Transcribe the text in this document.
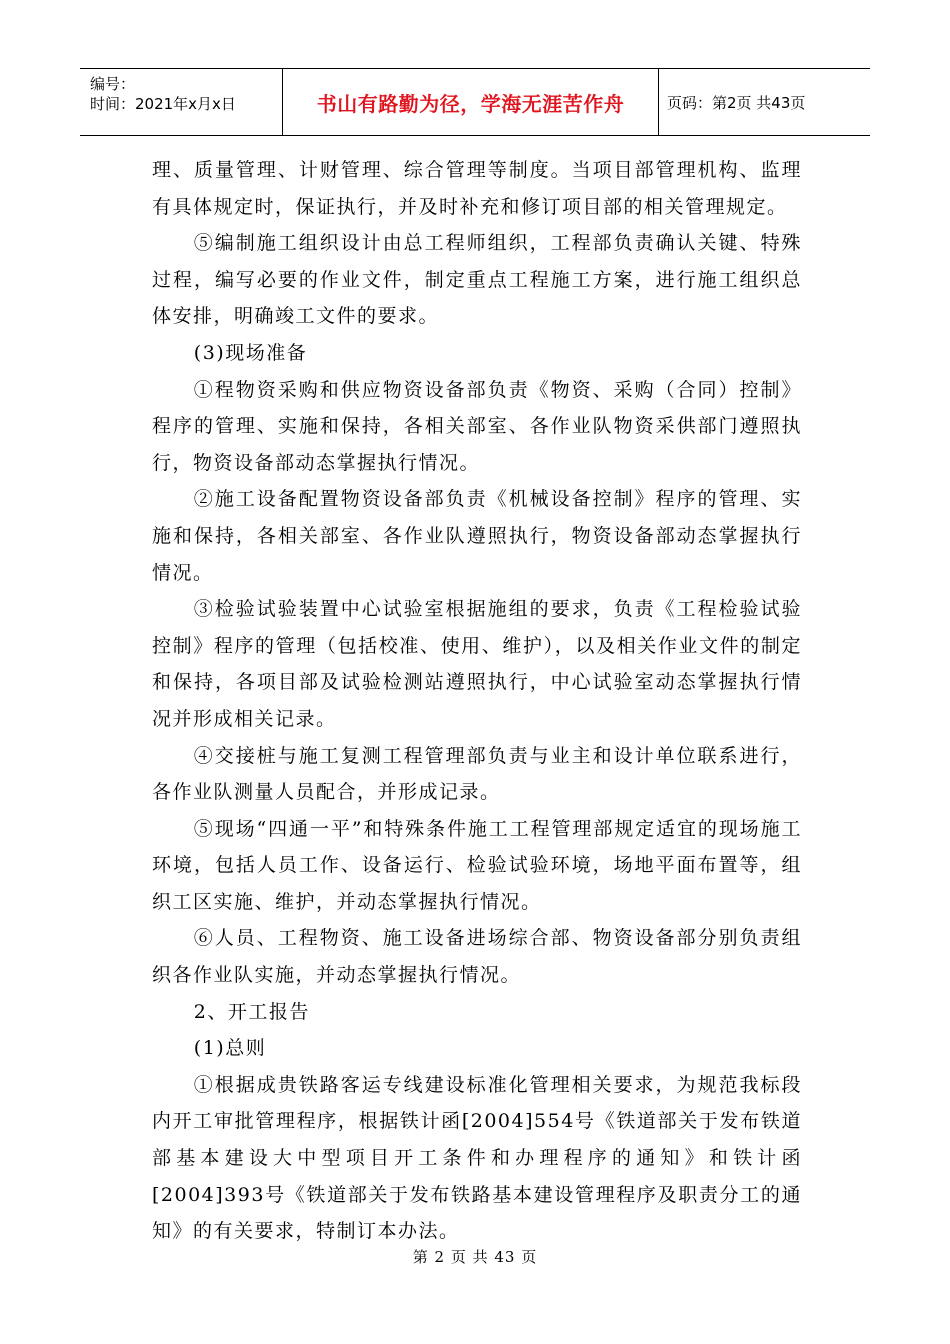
编号：
时间：2021年x月x日	书山有路勤为径，学海无涯苦作舟	页码：第2页 共43页

理、质量管理、计财管理、综合管理等制度。当项目部管理机构、监理有具体规定时，保证执行，并及时补充和修订项目部的相关管理规定。

⑤编制施工组织设计由总工程师组织，工程部负责确认关键、特殊过程，编写必要的作业文件，制定重点工程施工方案，进行施工组织总体安排，明确竣工文件的要求。

(3)现场准备

①程物资采购和供应物资设备部负责《物资、采购（合同）控制》程序的管理、实施和保持，各相关部室、各作业队物资采供部门遵照执行，物资设备部动态掌握执行情况。

②施工设备配置物资设备部负责《机械设备控制》程序的管理、实施和保持，各相关部室、各作业队遵照执行，物资设备部动态掌握执行情况。

③检验试验装置中心试验室根据施组的要求，负责《工程检验试验控制》程序的管理（包括校准、使用、维护），以及相关作业文件的制定和保持，各项目部及试验检测站遵照执行，中心试验室动态掌握执行情况并形成相关记录。

④交接桩与施工复测工程管理部负责与业主和设计单位联系进行，各作业队测量人员配合，并形成记录。

⑤现场“四通一平”和特殊条件施工工程管理部规定适宜的现场施工环境，包括人员工作、设备运行、检验试验环境，场地平面布置等，组织工区实施、维护，并动态掌握执行情况。

⑥人员、工程物资、施工设备进场综合部、物资设备部分别负责组织各作业队实施，并动态掌握执行情况。

2、开工报告

(1)总则

①根据成贵铁路客运专线建设标准化管理相关要求，为规范我标段内开工审批管理程序，根据铁计函[2004]554号《铁道部关于发布铁道部基本建设大中型项目开工条件和办理程序的通知》和铁计函[2004]393号《铁道部关于发布铁路基本建设管理程序及职责分工的通知》的有关要求，特制订本办法。

第 2 页 共 43 页
